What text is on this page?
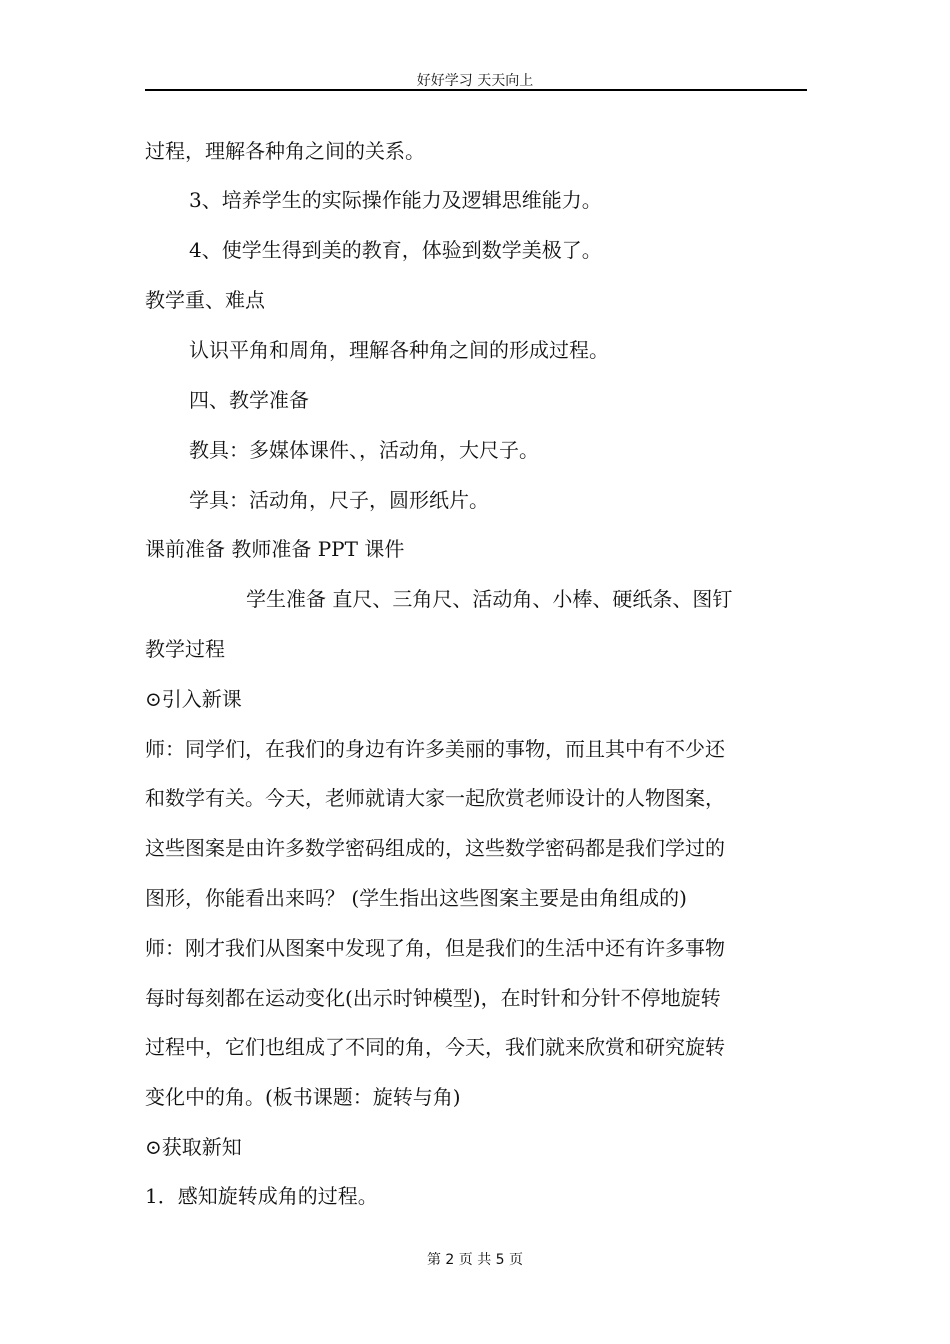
好好学习 天天向上
过程，理解各种角之间的关系。
3、培养学生的实际操作能力及逻辑思维能力。
4、使学生得到美的教育，体验到数学美极了。
教学重、难点
认识平角和周角，理解各种角之间的形成过程。
四、教学准备
教具：多媒体课件、，活动角，大尺子。
学具：活动角，尺子，圆形纸片。
课前准备 教师准备 PPT 课件
学生准备 直尺、三角尺、活动角、小棒、硬纸条、图钉
教学过程
⊙引入新课
师：同学们，在我们的身边有许多美丽的事物，而且其中有不少还
和数学有关。今天，老师就请大家一起欣赏老师设计的人物图案，
这些图案是由许多数学密码组成的，这些数学密码都是我们学过的
图形，你能看出来吗？ (学生指出这些图案主要是由角组成的)
师：刚才我们从图案中发现了角，但是我们的生活中还有许多事物
每时每刻都在运动变化(出示时钟模型)，在时针和分针不停地旋转
过程中，它们也组成了不同的角，今天，我们就来欣赏和研究旋转
变化中的角。(板书课题：旋转与角)
⊙获取新知
1．感知旋转成角的过程。
第 2 页 共 5 页
